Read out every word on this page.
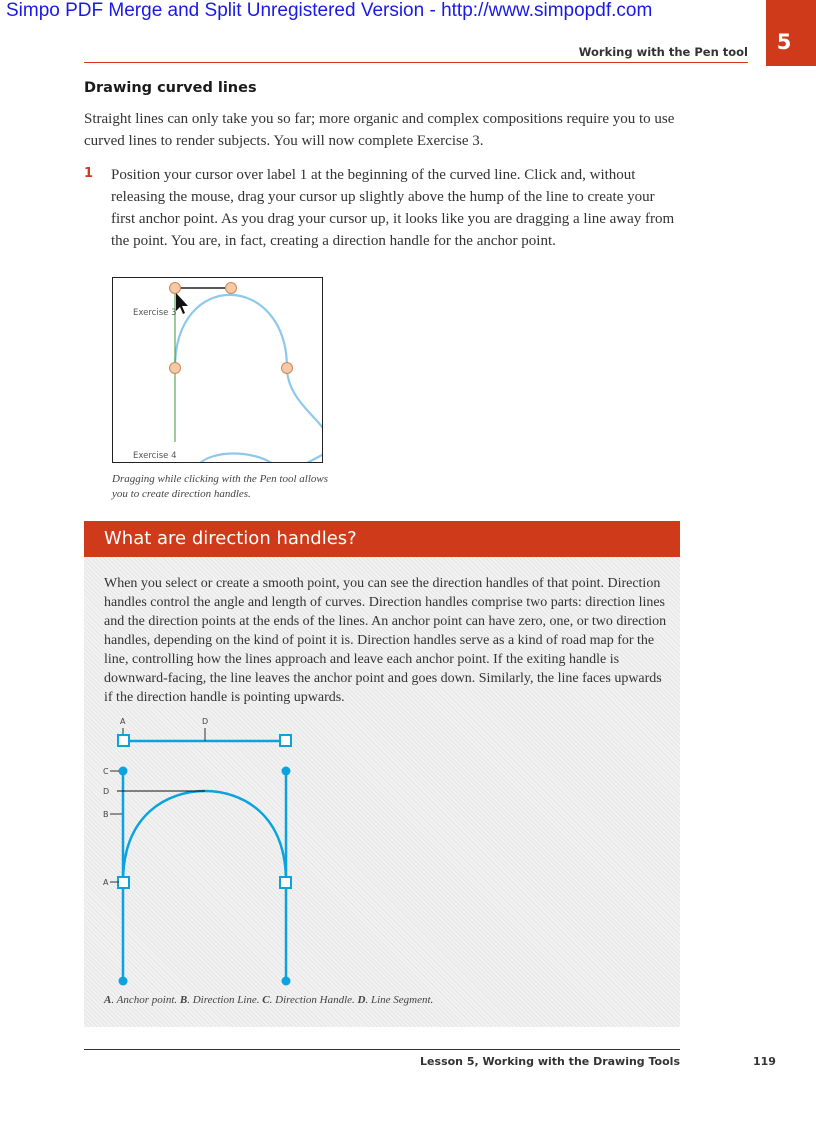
Simpo PDF Merge and Split Unregistered Version - http://www.simpopdf.com
5
Working with the Pen tool
Drawing curved lines

Straight lines can only take you so far; more organic and complex compositions require you to use curved lines to render subjects. You will now complete Exercise 3.

1 Position your cursor over label 1 at the beginning of the curved line. Click and, without releasing the mouse, drag your cursor up slightly above the hump of the line to create your first anchor point. As you drag your cursor up, it looks like you are dragging a line away from the point. You are, in fact, creating a direction handle for the anchor point.

Exercise 3
Exercise 4

Dragging while clicking with the Pen tool allows you to create direction handles.

What are direction handles?

When you select or create a smooth point, you can see the direction handles of that point. Direction handles control the angle and length of curves. Direction handles comprise two parts: direction lines and the direction points at the ends of the lines. An anchor point can have zero, one, or two direction handles, depending on the kind of point it is. Direction handles serve as a kind of road map for the line, controlling how the lines approach and leave each anchor point. If the exiting handle is downward-facing, the line leaves the anchor point and goes down. Similarly, the line faces upwards if the direction handle is pointing upwards.

A	D
C
D
B
A
A. Anchor point. B. Direction Line. C. Direction Handle. D. Line Segment.
Lesson 5, Working with the Drawing Tools	119
